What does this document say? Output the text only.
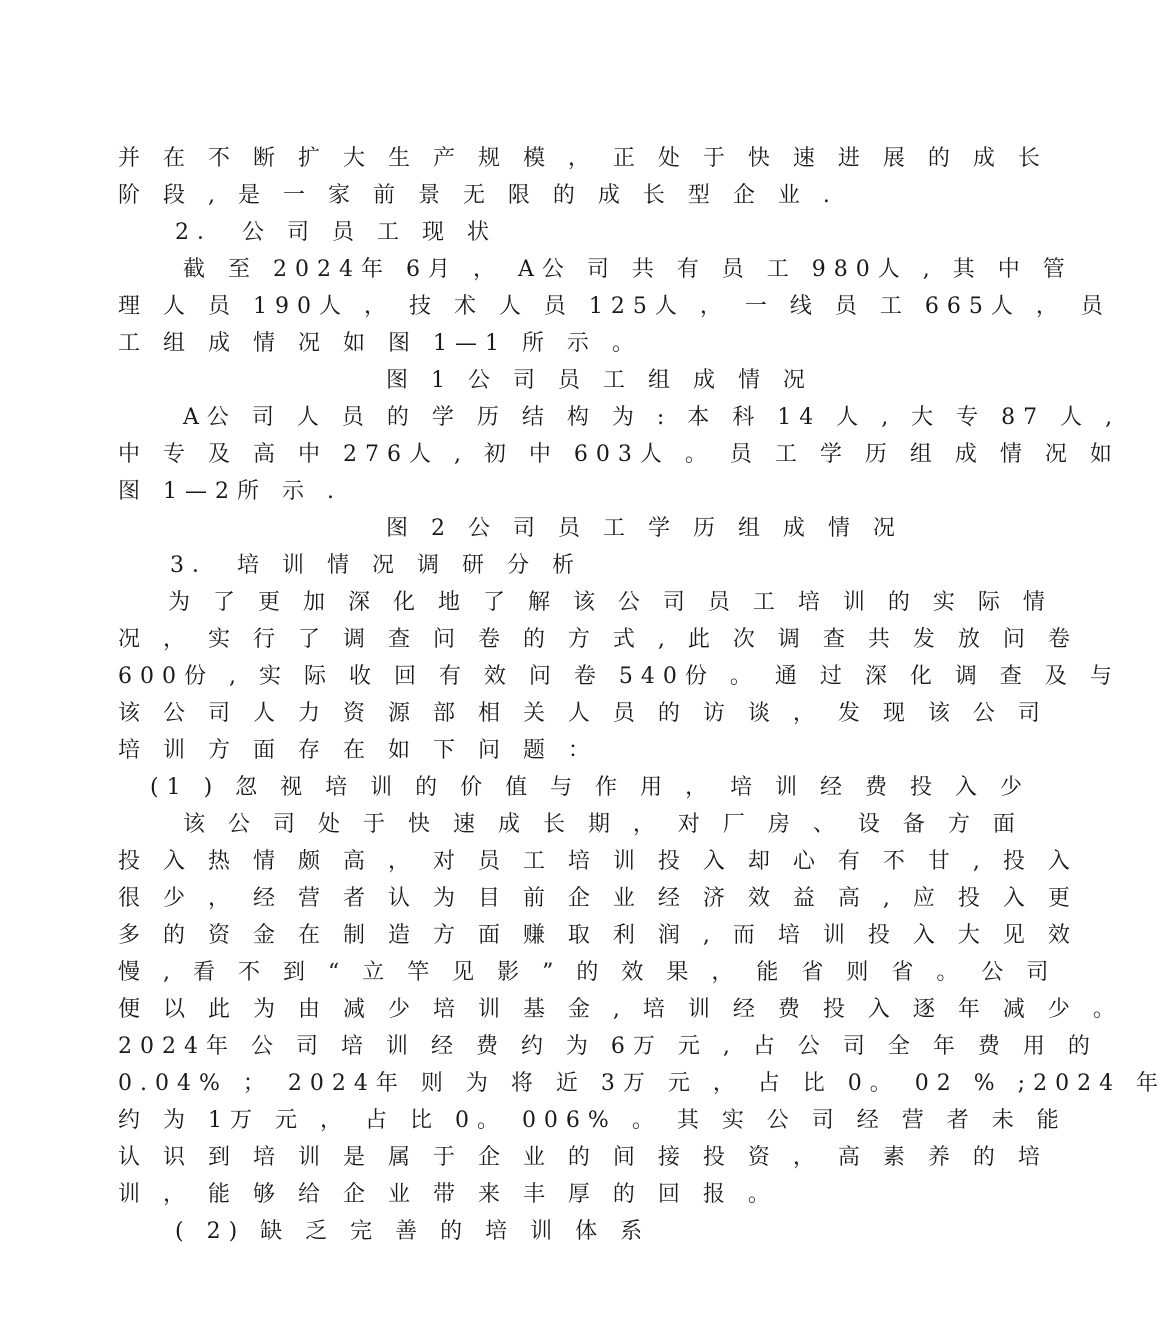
并 在 不 断 扩 大 生 产 规 模 ， 正 处 于 快 速 进 展 的 成 长
阶 段 , 是 一 家 前 景 无 限 的 成 长 型 企 业 .
2． 公 司 员 工 现 状
截 至 2024年 6月 ， A公 司 共 有 员 工 980人 , 其 中 管
理 人 员 190人 ， 技 术 人 员 125人 ， 一 线 员 工 665人 ， 员
工 组 成 情 况 如 图 1—1 所 示 。
图 1 公 司 员 工 组 成 情 况
A公 司 人 员 的 学 历 结 构 为 : 本 科 14 人 , 大 专 87 人 ,
中 专 及 高 中 276人 , 初 中 603人 。 员 工 学 历 组 成 情 况 如
图 1—2所 示 .
图 2 公 司 员 工 学 历 组 成 情 况
3． 培 训 情 况 调 研 分 析
为 了 更 加 深 化 地 了 解 该 公 司 员 工 培 训 的 实 际 情
况 ， 实 行 了 调 查 问 卷 的 方 式 , 此 次 调 查 共 发 放 问 卷
600份 , 实 际 收 回 有 效 问 卷 540份 。 通 过 深 化 调 查 及 与
该 公 司 人 力 资 源 部 相 关 人 员 的 访 谈 ， 发 现 该 公 司
培 训 方 面 存 在 如 下 问 题 ：
(1 ) 忽 视 培 训 的 价 值 与 作 用 ， 培 训 经 费 投 入 少
该 公 司 处 于 快 速 成 长 期 ， 对 厂 房 、 设 备 方 面
投 入 热 情 颇 高 ， 对 员 工 培 训 投 入 却 心 有 不 甘 , 投 入
很 少 ， 经 营 者 认 为 目 前 企 业 经 济 效 益 高 , 应 投 入 更
多 的 资 金 在 制 造 方 面 赚 取 利 润 , 而 培 训 投 入 大 见 效
慢 , 看 不 到 “ 立 竿 见 影 ” 的 效 果 ， 能 省 则 省 。 公 司
便 以 此 为 由 减 少 培 训 基 金 , 培 训 经 费 投 入 逐 年 减 少 。
2024年 公 司 培 训 经 费 约 为 6万 元 , 占 公 司 全 年 费 用 的
0.04% ； 2024年 则 为 将 近 3万 元 ， 占 比 0。 02 % ;2024 年
约 为 1万 元 ， 占 比 0。 006% 。 其 实 公 司 经 营 者 未 能
认 识 到 培 训 是 属 于 企 业 的 间 接 投 资 ， 高 素 养 的 培
训 ， 能 够 给 企 业 带 来 丰 厚 的 回 报 。
( 2) 缺 乏 完 善 的 培 训 体 系
